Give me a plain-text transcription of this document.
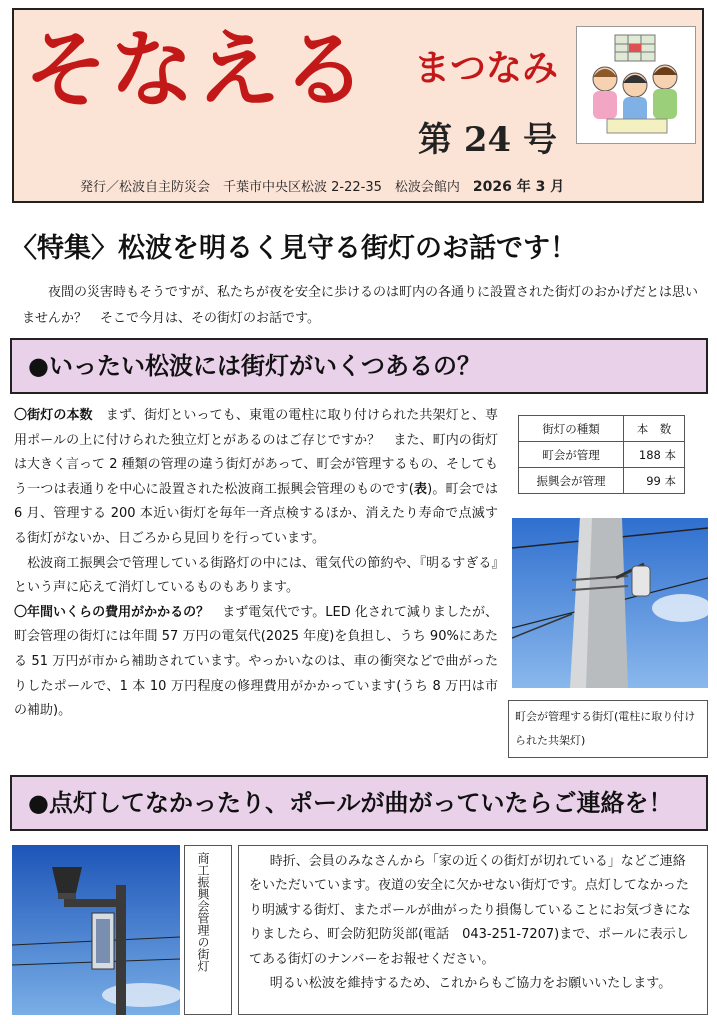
そなえる まつなみ
第 24 号
発行／松波自主防災会　千葉市中央区松波 2-22-35　松波会館内　2026 年 3 月
〈特集〉松波を明るく見守る街灯のお話です！
夜間の災害時もそうですが、私たちが夜を安全に歩けるのは町内の各通りに設置された街灯のおかげだとは思いませんか？　そこで今月は、その街灯のお話です。
●いったい松波には街灯がいくつあるの？

〇街灯の本数　まず、街灯といっても、東電の電柱に取り付けられた共架灯と、専用ポールの上に付けられた独立灯とがあるのはご存じですか？　また、町内の街灯は大きく言って 2 種類の管理の違う街灯があって、町会が管理するもの、そしてもう一つは表通りを中心に設置された松波商工振興会管理のものです(表)。町会では 6 月、管理する 200 本近い街灯を毎年一斉点検するほか、消えたり寿命で点滅する街灯がないか、日ごろから見回りを行っています。

　松波商工振興会で管理している街路灯の中には、電気代の節約や、『明るすぎる』という声に応えて消灯しているものもあります。

〇年間いくらの費用がかかるの？　まず電気代です。LED 化されて減りましたが、町会管理の街灯には年間 57 万円の電気代(2025 年度)を負担し、うち 90%にあたる 51 万円が市から補助されています。やっかいなのは、車の衝突などで曲がったりしたポールで、1 本 10 万円程度の修理費用がかかっています(うち 8 万円は市の補助)。

街灯の種類	本　数
町会が管理	188 本
振興会が管理	99 本
町会が管理する街灯(電柱に取り付けられた共架灯)
●点灯してなかったり、ポールが曲がっていたらご連絡を！
商工振興会管理の街灯	時折、会員のみなさんから「家の近くの街灯が切れている」などご連絡をいただいています。夜道の安全に欠かせない街灯です。点灯してなかったり明滅する街灯、またポールが曲がったり損傷していることにお気づきになりましたら、町会防犯防災部(電話　043-251-7207)まで、ポールに表示してある街灯のナンバーをお報せください。

明るい松波を維持するため、これからもご協力をお願いいたします。
